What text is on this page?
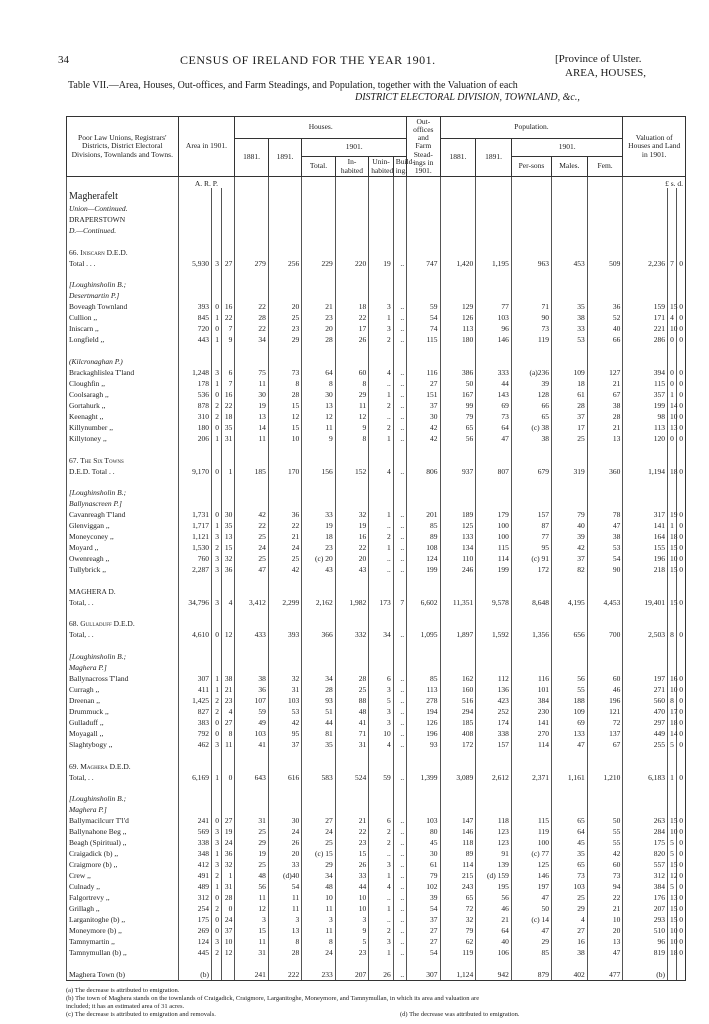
34	CENSUS OF IRELAND FOR THE YEAR 1901.	[Province of Ulster.
AREA, HOUSES,
Table VII.—Area, Houses, Out-offices, and Farm Steadings, and Population, together with the Valuation of each
DISTRICT ELECTORAL DIVISION, TOWNLAND, &c.,
Poor Law Unions, Registrars' Districts, District Electoral Divisions, Townlands and Towns.	Area in 1901.			Houses.						Out-offices and Farm Stead-ings in 1901.	Population.					Valuation of Houses and Land in 1901.		
				1881.	1891.	1901.					1881.	1891.	1901.					
						Total.	In-habited	Unin-habited	Build-ing.				Per-sons	Males.	Fem.			
	A. R. P.															£ s. d.		
Magherafelt																		
Union—Continued.																		
DRAPERSTOWN																		
D.—Continued.																		

66. Iniscarn D.E.D.																		
Total . . .	5,930	3	27	279	256	229	220	19	..	747	1,420	1,195	963	453	509	2,236	7	0

[Loughinsholin B.;																		
Desertmartin P.]																		
Boveagh Townland	393	0	16	22	20	21	18	3	..	59	129	77	71	35	36	159	15	0
Cullion ,,	845	1	22	28	25	23	22	1	..	54	126	103	90	38	52	171	4	0
Iniscarn ,,	720	0	7	22	23	20	17	3	..	74	113	96	73	33	40	221	10	0
Longfield ,,	443	1	9	34	29	28	26	2	..	115	180	146	119	53	66	286	0	0

(Kilcronaghan P.)																		
Brackaghlislea T'land	1,248	3	6	75	73	64	60	4	..	116	386	333	(a)236	109	127	394	0	0
Cloughfin ,,	178	1	7	11	8	8	8	..	..	27	50	44	39	18	21	115	0	0
Coolsaragh ,,	536	0	16	30	28	30	29	1	..	151	167	143	128	61	67	357	1	0
Gortahurk ,,	878	2	22	19	15	13	11	2	..	37	99	69	66	28	38	199	14	0
Keenaght ,,	310	2	18	13	12	12	12	..	..	30	79	73	65	37	28	98	10	0
Killynumber ,,	180	0	35	14	15	11	9	2	..	42	65	64	(c) 38	17	21	113	13	0
Killytoney ,,	206	1	31	11	10	9	8	1	..	42	56	47	38	25	13	120	0	0

67. The Six Towns																		
D.E.D. Total . .	9,170	0	1	185	170	156	152	4	..	806	937	807	679	319	360	1,194	18	0

[Loughinsholin B.;																		
Ballynascreen P.]																		
Cavanreagh T'land	1,731	0	30	42	36	33	32	1	..	201	189	179	157	79	78	317	19	0
Glenviggan ,,	1,717	1	35	22	22	19	19	..	..	85	125	100	87	40	47	141	1	0
Moneyconey ,,	1,121	3	13	25	21	18	16	2	..	89	133	100	77	39	38	164	18	0
Moyard ,,	1,530	2	15	24	24	23	22	1	..	108	134	115	95	42	53	155	15	0
Owenreagh ,,	760	3	32	25	25	(c) 20	20	..	..	124	110	114	(c) 91	37	54	196	10	0
Tullybrick ,,	2,287	3	36	47	42	43	43	..	..	199	246	199	172	82	90	218	15	0

MAGHERA D.																		
Total, . .	34,796	3	4	3,412	2,299	2,162	1,982	173	7	6,602	11,351	9,578	8,648	4,195	4,453	19,401	15	0

68. Gulladuff D.E.D.																		
Total, . .	4,610	0	12	433	393	366	332	34	..	1,095	1,897	1,592	1,356	656	700	2,503	8	0

[Loughinsholin B.;																		
Maghera P.]																		
Ballynacross T'land	307	1	38	38	32	34	28	6	..	85	162	112	116	56	60	197	16	0
Curragh ,,	411	1	21	36	31	28	25	3	..	113	160	136	101	55	46	271	10	0
Dreenan ,,	1,425	2	23	107	103	93	88	5	..	278	516	423	384	188	196	560	8	0
Drummuck ,,	827	2	4	59	53	51	48	3	..	194	294	252	230	109	121	470	17	0
Gulladuff ,,	383	0	27	49	42	44	41	3	..	126	185	174	141	69	72	297	18	0
Moyagall ,,	792	0	8	103	95	81	71	10	..	196	408	338	270	133	137	449	14	0
Slaghtybogy ,,	462	3	11	41	37	35	31	4	..	93	172	157	114	47	67	255	5	0

69. Maghera D.E.D.																		
Total, . .	6,169	1	0	643	616	583	524	59	..	1,399	3,089	2,612	2,371	1,161	1,210	6,183	1	0

[Loughinsholin B.;																		
Maghera P.]																		
Ballymacilcurr T'l'd	241	0	27	31	30	27	21	6	..	103	147	118	115	65	50	263	15	0
Ballynahone Beg ,,	569	3	19	25	24	24	22	2	..	80	146	123	119	64	55	284	10	0
Beagh (Spiritual) ,,	338	3	24	29	26	25	23	2	..	45	118	123	100	45	55	175	5	0
Craigadick (b) ,,	348	1	36	19	20	(c) 15	15	..	..	30	89	91	(c) 77	35	42	820	5	0
Craigmore (b) ,,	412	3	32	25	33	29	26	3	..	61	114	139	125	65	60	557	15	0
Crew ,,	491	2	1	48	(d)40	34	33	1	..	79	215	(d) 159	146	73	73	312	12	0
Culnady ,,	489	1	31	56	54	48	44	4	..	102	243	195	197	103	94	384	5	0
Falgortrevy ,,	312	0	28	11	11	10	10	..	..	39	65	56	47	25	22	176	13	0
Grillagh ,,	254	2	0	12	11	11	10	1	..	54	72	46	50	29	21	207	15	0
Larganitoghe (b) ,,	175	0	24	3	3	3	3	..	..	37	32	21	(c) 14	4	10	293	15	0
Moneymore (b) ,,	269	0	37	15	13	11	9	2	..	27	79	64	47	27	20	510	10	0
Tamnymartin ,,	124	3	10	11	8	8	5	3	..	27	62	40	29	16	13	96	10	0
Tamnymullan (b) ,,	445	2	12	31	28	24	23	1	..	54	119	106	85	38	47	819	18	0

Maghera Town (b)	(b)			241	222	233	207	26	..	307	1,124	942	879	402	477	(b)		
(a) The decrease is attributed to emigration.
(b) The town of Maghera stands on the townlands of Craigadick, Craigmore, Larganitoghe, Moneymore, and Tamnymullan, in which its area and valuation are
included; it has an estimated area of 31 acres.
(c) The decrease is attributed to emigration and removals.	(d) The decrease was attributed to emigration.
